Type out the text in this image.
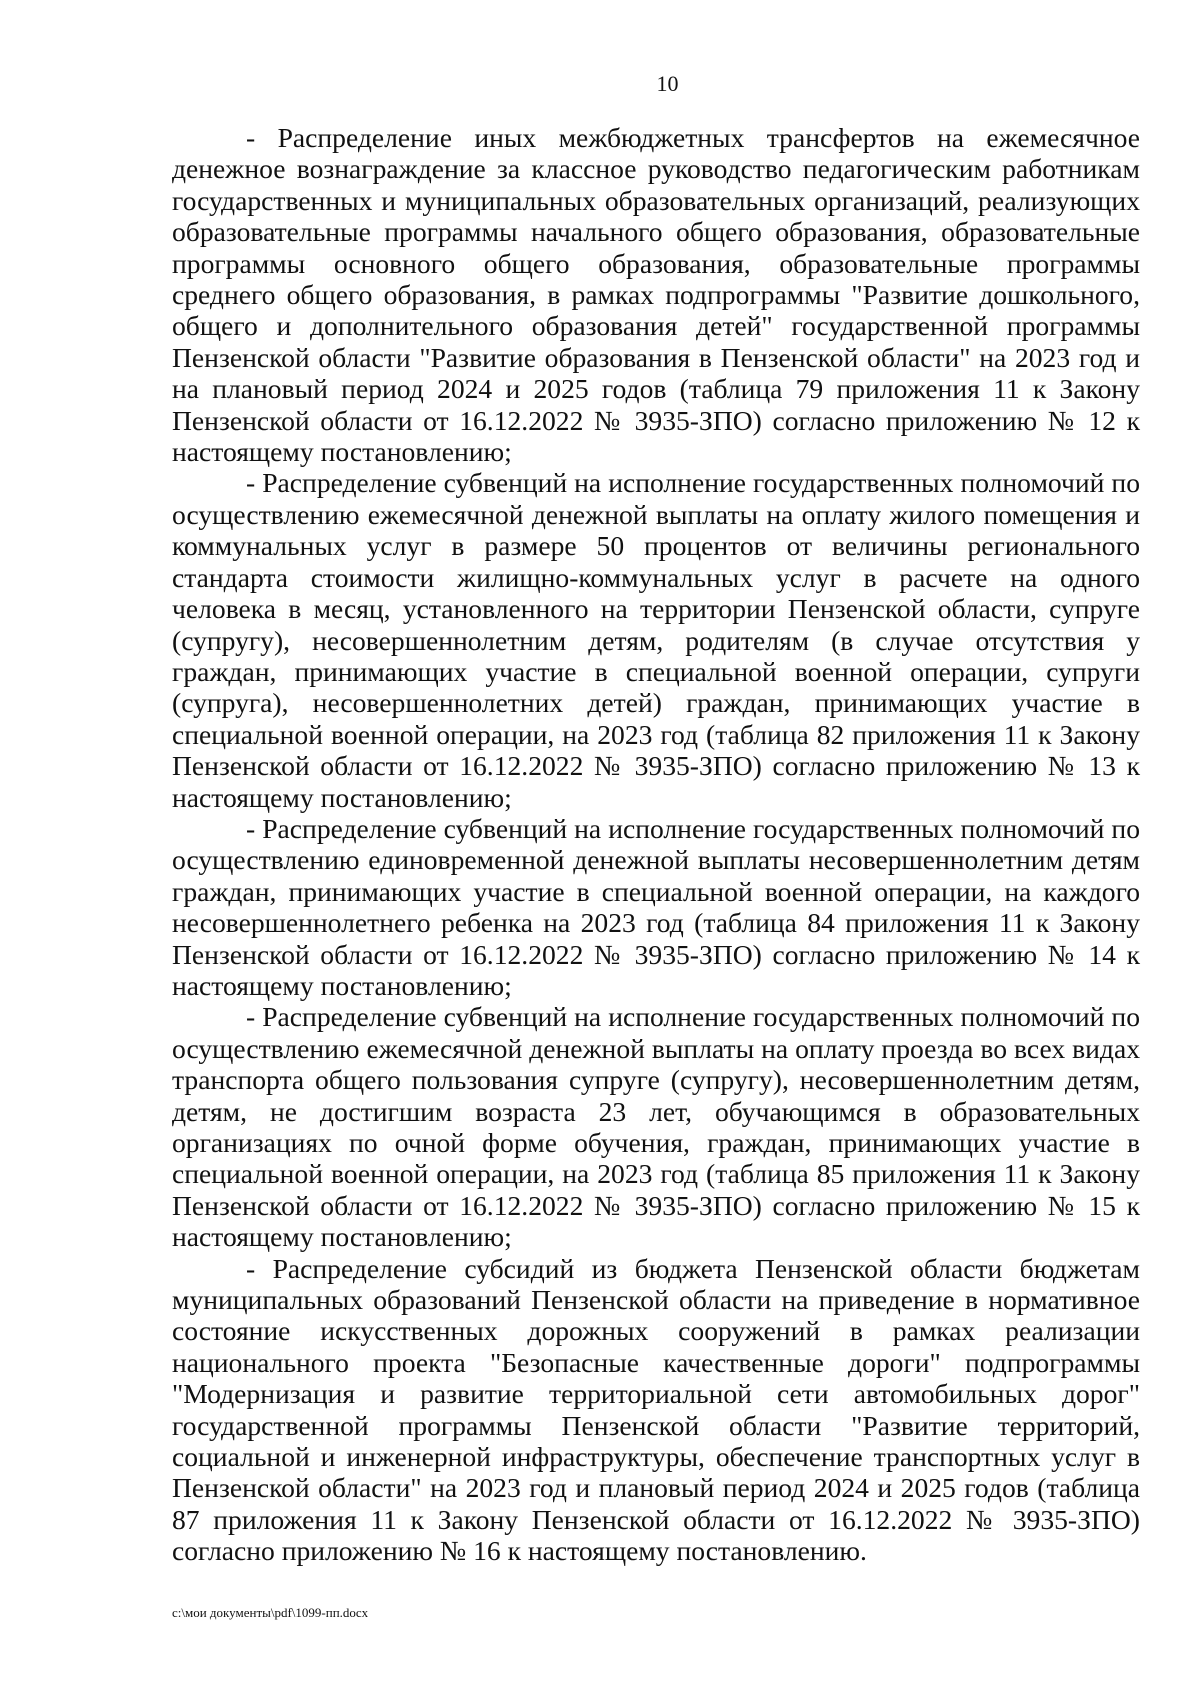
10

- Распределение иных межбюджетных трансфертов на ежемесячное денежное вознаграждение за классное руководство педагогическим работникам государственных и муниципальных образовательных организаций, реализующих образовательные программы начального общего образования, образовательные программы основного общего образования, образовательные программы среднего общего образования, в рамках подпрограммы "Развитие дошкольного, общего и дополнительного образования детей" государственной программы Пензенской области "Развитие образования в Пензенской области" на 2023 год и на плановый период 2024 и 2025 годов (таблица 79 приложения 11 к Закону Пензенской области от 16.12.2022 № 3935-ЗПО) согласно приложению № 12 к настоящему постановлению;

- Распределение субвенций на исполнение государственных полномочий по осуществлению ежемесячной денежной выплаты на оплату жилого помещения и коммунальных услуг в размере 50 процентов от величины регионального стандарта стоимости жилищно-коммунальных услуг в расчете на одного человека в месяц, установленного на территории Пензенской области, супруге (супругу), несовершеннолетним детям, родителям (в случае отсутствия у граждан, принимающих участие в специальной военной операции, супруги (супруга), несовершеннолетних детей) граждан, принимающих участие в специальной военной операции, на 2023 год (таблица 82 приложения 11 к Закону Пензенской области от 16.12.2022 № 3935-ЗПО) согласно приложению № 13 к настоящему постановлению;

- Распределение субвенций на исполнение государственных полномочий по осуществлению единовременной денежной выплаты несовершеннолетним детям граждан, принимающих участие в специальной военной операции, на каждого несовершеннолетнего ребенка на 2023 год (таблица 84 приложения 11 к Закону Пензенской области от 16.12.2022 № 3935-ЗПО) согласно приложению № 14 к настоящему постановлению;

- Распределение субвенций на исполнение государственных полномочий по осуществлению ежемесячной денежной выплаты на оплату проезда во всех видах транспорта общего пользования супруге (супругу), несовершеннолетним детям, детям, не достигшим возраста 23 лет, обучающимся в образовательных организациях по очной форме обучения, граждан, принимающих участие в специальной военной операции, на 2023 год (таблица 85 приложения 11 к Закону Пензенской области от 16.12.2022 № 3935-ЗПО) согласно приложению № 15 к настоящему постановлению;

- Распределение субсидий из бюджета Пензенской области бюджетам муниципальных образований Пензенской области на приведение в нормативное состояние искусственных дорожных сооружений в рамках реализации национального проекта "Безопасные качественные дороги" подпрограммы "Модернизация и развитие территориальной сети автомобильных дорог" государственной программы Пензенской области "Развитие территорий, социальной и инженерной инфраструктуры, обеспечение транспортных услуг в Пензенской области" на 2023 год и плановый период 2024 и 2025 годов (таблица 87 приложения 11 к Закону Пензенской области от 16.12.2022 № 3935-ЗПО) согласно приложению № 16 к настоящему постановлению.

c:\мои документы\pdf\1099-пп.docx
